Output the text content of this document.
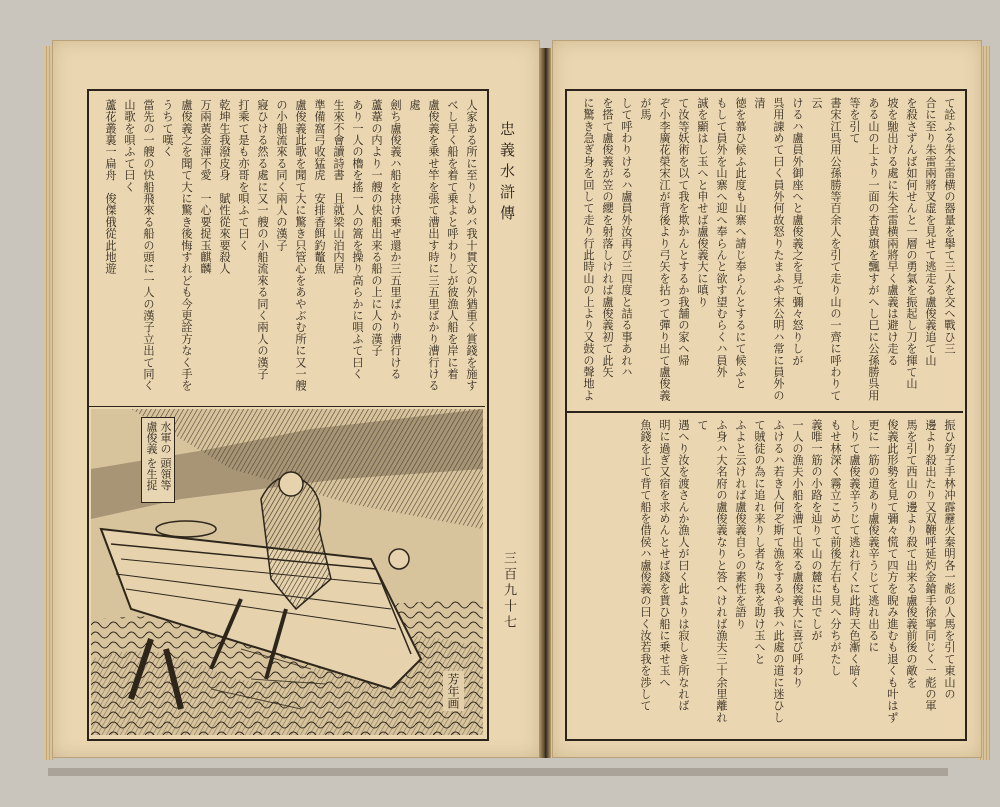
忠義水滸傳
三百九十七
人家ある所に至りしめバ我十貫文の外猶重く賞錢を施す
べし早く船を着て乗よと呼わりしが彼漁人船を岸に着
盧俊義を乗せ竿を張て漕出す時に三五里ばかり漕行ける處
劍ち盧俊義ハ船を挟け乗ぜ還か三五里ばかり漕行ける
蘆葦の内より一艘の快船出来る船の上に人の漢子
あり一人の櫓を搖一人の篙を操り高らかに唄ふて曰く
生來不會讀詩書　且就梁山泊内居
準備窩弓收猛虎　安排香餌釣鼇魚
盧俊義此歌を聞て大に驚き只管心をあやぶむ所に又一艘の小船流來る同く兩人の漢子
寢ひける然る處に又一艘の小船流來る同く兩人の漢子
打乘て是も亦哥を唄ふて曰く
乾坤生我潑皮身　賦性從來要殺人
万兩黃金渾不愛　一心要捉玉麒麟
盧俊義之を聞て大に驚き後悔すれども今更詮方なく手をうちて嘆く
當先の一艘の快船飛來る船の頭に一人の漢子立出て同く
山歌を唄ふて曰く
蘆花叢裏一扁舟　俊傑俄從此地遊
水軍の 頭領等 盧俊義 を生捉
芳年画
て詮ふる朱全雷横の器量を擧て三人を交へ戰ひ三
合に至り朱雷兩將叉虚を見せて逃走る盧俊義追て山
を殺さずんば如何せんと一層の勇氣を振起し刀を揮て山
坡を馳出ける處に朱全雷横兩將早く盧義は避け走る
ある山の上より一面の杏黄旗を飄すがへし巳に公孫勝呉用等を引て
書宋江呉用公孫勝等百余人を引て走り山の一齊に呼わりて云
けるハ盧員外御座へと盧俊義之を見て彌々怒りしが
呉用諌めて曰く員外何故怒りたまふや宋公明ハ常に員外の清
徳を慕ひ候ふ此度も山寨へ請じ奉らんとするにて候ふと
もして員外を山寨へ迎へ奉らんと欲す望むらくハ員外
誠を顯はし玉へと申せば盧俊義大に嗔り
て汝等妖術を以て我を欺かんとするか我舗の家へ帰
ぞ小李廣花榮宋江が背後より弓矢を拈つて彈り出て盧俊義が馬
して呼わりけるハ盧員外汝再び三四度と詰る事あれハ
を搭て盧俊義が笠の纓を射落しければ盧俊義初て此矢
に驚き急ぎ身を回して走り行此時山の上より又鼓の聲地よ
振ひ釣子手林冲霹靂火秦明各一彪の人馬を引て東山の
邊より殺出たり又双鞭呼延灼金鎗手徐寧同じく一彪の軍
馬を引て西山の邊より殺て出来る盧俊義前後の敵を
俊義此形勢を見て彌々慌て四方を睨み進むも退くも叶はず
更に一筋の道あり盧俊義辛うじて逃れ出るに
しりて盧俊義辛うじて逃れ行くに此時天色漸く暗く
もせ林深く霧立こめて前後左右も見へ分ちがたし
義唯一筋の小路を辿りて山の麓に出でしが
一人の漁夫小船を漕て出來る盧俊義大に喜び呼わり
ふけるハ若き人何ぞ斯て漁をするや我ハ此處の道に迷ひし
て賊徒の為に追れ来りし者なり我を助け玉へと
ふよと云ければ盧俊義自らの素性を語り
ふ身ハ大名府の盧俊義なりと答へければ漁夫三十余里離れて
遇へり汝を渡さんか漁人が曰く此よりは寂しき所なれば
明に過ぎ又宿を求めんとせば錢を貰ひ船に乗せ玉へ
魚錢を止て背て船を借侯ハ盧俊義の曰く汝若我を渉して
